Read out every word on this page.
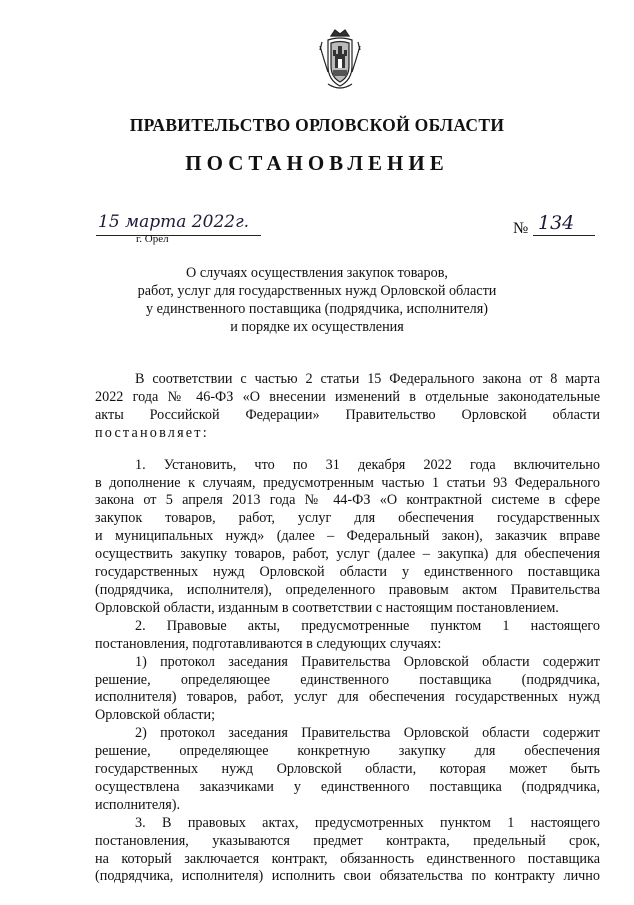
ПРАВИТЕЛЬСТВО ОРЛОВСКОЙ ОБЛАСТИ
ПОСТАНОВЛЕНИЕ
15 марта 2022г.
г. Орёл
№ 134
О случаях осуществления закупок товаров,
работ, услуг для государственных нужд Орловской области
у единственного поставщика (подрядчика, исполнителя)
и порядке их осуществления

В соответствии с частью 2 статьи 15 Федерального закона от 8 марта

2022 года № 46-ФЗ «О внесении изменений в отдельные законодательные

акты Российской Федерации» Правительство Орловской области

постановляет:

1. Установить, что по 31 декабря 2022 года включительно

в дополнение к случаям, предусмотренным частью 1 статьи 93 Федерального

закона от 5 апреля 2013 года № 44-ФЗ «О контрактной системе в сфере

закупок товаров, работ, услуг для обеспечения государственных

и муниципальных нужд» (далее – Федеральный закон), заказчик вправе

осуществить закупку товаров, работ, услуг (далее – закупка) для обеспечения

государственных нужд Орловской области у единственного поставщика

(подрядчика, исполнителя), определенного правовым актом Правительства

Орловской области, изданным в соответствии с настоящим постановлением.

2. Правовые акты, предусмотренные пунктом 1 настоящего

постановления, подготавливаются в следующих случаях:

1) протокол заседания Правительства Орловской области содержит

решение, определяющее единственного поставщика (подрядчика,

исполнителя) товаров, работ, услуг для обеспечения государственных нужд

Орловской области;

2) протокол заседания Правительства Орловской области содержит

решение, определяющее конкретную закупку для обеспечения

государственных нужд Орловской области, которая может быть

осуществлена заказчиками у единственного поставщика (подрядчика,

исполнителя).

3. В правовых актах, предусмотренных пунктом 1 настоящего

постановления, указываются предмет контракта, предельный срок,

на который заключается контракт, обязанность единственного поставщика

(подрядчика, исполнителя) исполнить свои обязательства по контракту лично
